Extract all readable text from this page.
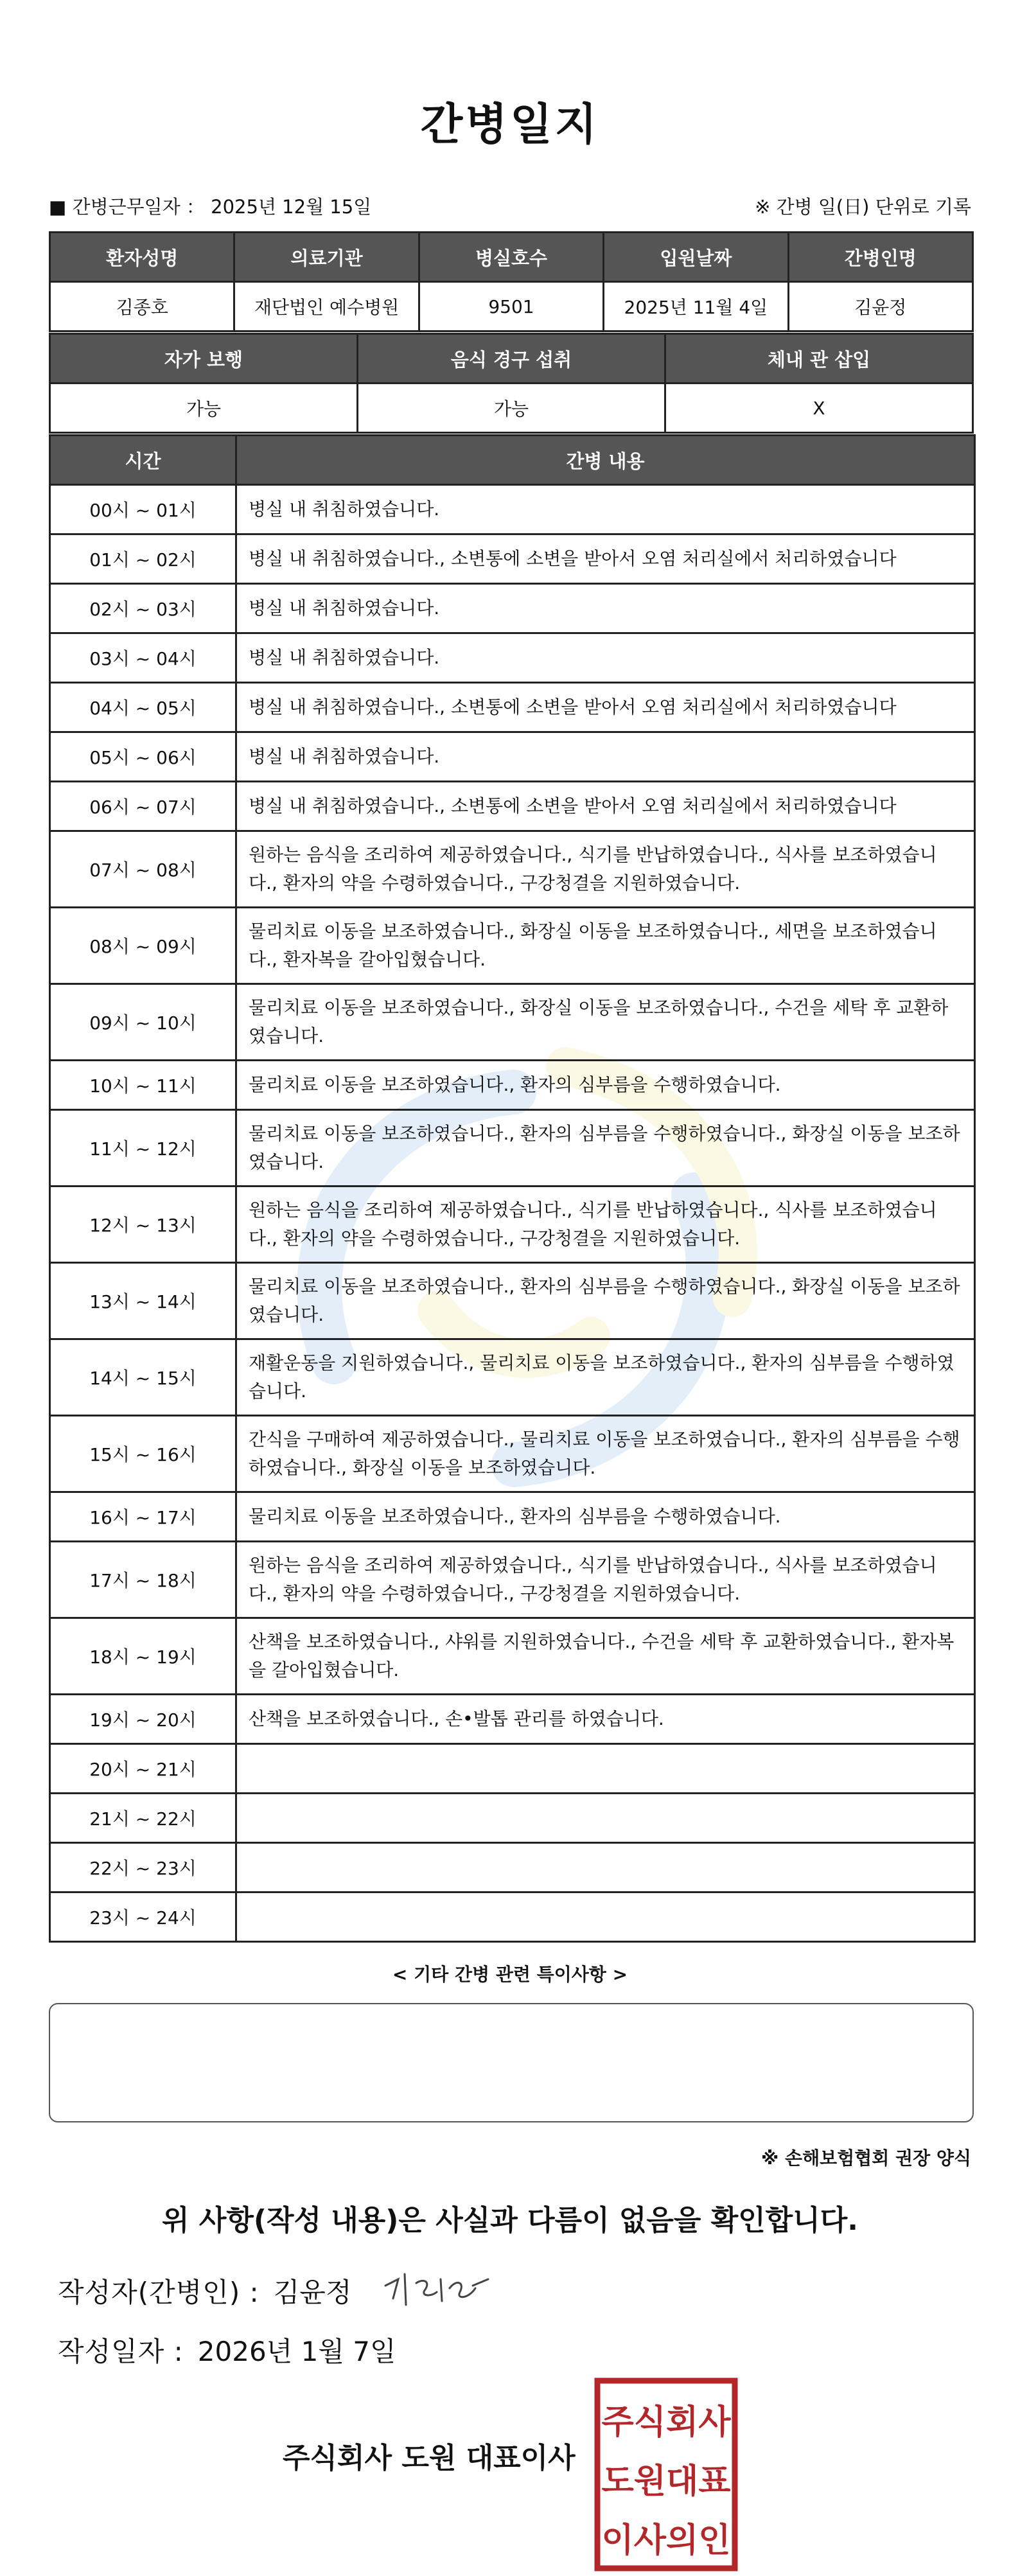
간병일지
■ 간병근무일자 ： 2025년 12월 15일	※ 간병 일(日) 단위로 기록
환자성명	의료기관	병실호수	입원날짜	간병인명
김종호	재단법인 예수병원	9501	2025년 11월 4일	김윤정
자가 보행	음식 경구 섭취	체내 관 삽입
가능	가능	X
시간	간병 내용
00시 ~ 01시	병실 내 취침하였습니다.
01시 ~ 02시	병실 내 취침하였습니다., 소변통에 소변을 받아서 오염 처리실에서 처리하였습니다
02시 ~ 03시	병실 내 취침하였습니다.
03시 ~ 04시	병실 내 취침하였습니다.
04시 ~ 05시	병실 내 취침하였습니다., 소변통에 소변을 받아서 오염 처리실에서 처리하였습니다
05시 ~ 06시	병실 내 취침하였습니다.
06시 ~ 07시	병실 내 취침하였습니다., 소변통에 소변을 받아서 오염 처리실에서 처리하였습니다
07시 ~ 08시	원하는 음식을 조리하여 제공하였습니다., 식기를 반납하였습니다., 식사를 보조하였습니다., 환자의 약을 수령하였습니다., 구강청결을 지원하였습니다.
08시 ~ 09시	물리치료 이동을 보조하였습니다., 화장실 이동을 보조하였습니다., 세면을 보조하였습니다., 환자복을 갈아입혔습니다.
09시 ~ 10시	물리치료 이동을 보조하였습니다., 화장실 이동을 보조하였습니다., 수건을 세탁 후 교환하였습니다.
10시 ~ 11시	물리치료 이동을 보조하였습니다., 환자의 심부름을 수행하였습니다.
11시 ~ 12시	물리치료 이동을 보조하였습니다., 환자의 심부름을 수행하였습니다., 화장실 이동을 보조하였습니다.
12시 ~ 13시	원하는 음식을 조리하여 제공하였습니다., 식기를 반납하였습니다., 식사를 보조하였습니다., 환자의 약을 수령하였습니다., 구강청결을 지원하였습니다.
13시 ~ 14시	물리치료 이동을 보조하였습니다., 환자의 심부름을 수행하였습니다., 화장실 이동을 보조하였습니다.
14시 ~ 15시	재활운동을 지원하였습니다., 물리치료 이동을 보조하였습니다., 환자의 심부름을 수행하였습니다.
15시 ~ 16시	간식을 구매하여 제공하였습니다., 물리치료 이동을 보조하였습니다., 환자의 심부름을 수행하였습니다., 화장실 이동을 보조하였습니다.
16시 ~ 17시	물리치료 이동을 보조하였습니다., 환자의 심부름을 수행하였습니다.
17시 ~ 18시	원하는 음식을 조리하여 제공하였습니다., 식기를 반납하였습니다., 식사를 보조하였습니다., 환자의 약을 수령하였습니다., 구강청결을 지원하였습니다.
18시 ~ 19시	산책을 보조하였습니다., 샤워를 지원하였습니다., 수건을 세탁 후 교환하였습니다., 환자복을 갈아입혔습니다.
19시 ~ 20시	산책을 보조하였습니다., 손•발톱 관리를 하였습니다.
20시 ~ 21시	
21시 ~ 22시	
22시 ~ 23시	
23시 ~ 24시	
< 기타 간병 관련 특이사항 >
※ 손해보험협회 권장 양식
위 사항(작성 내용)은 사실과 다름이 없음을 확인합니다.
작성자(간병인) : 김윤정
작성일자 : 2026년 1월 7일
주식회사 도원 대표이사
주식회사
도원대표
이사의인
